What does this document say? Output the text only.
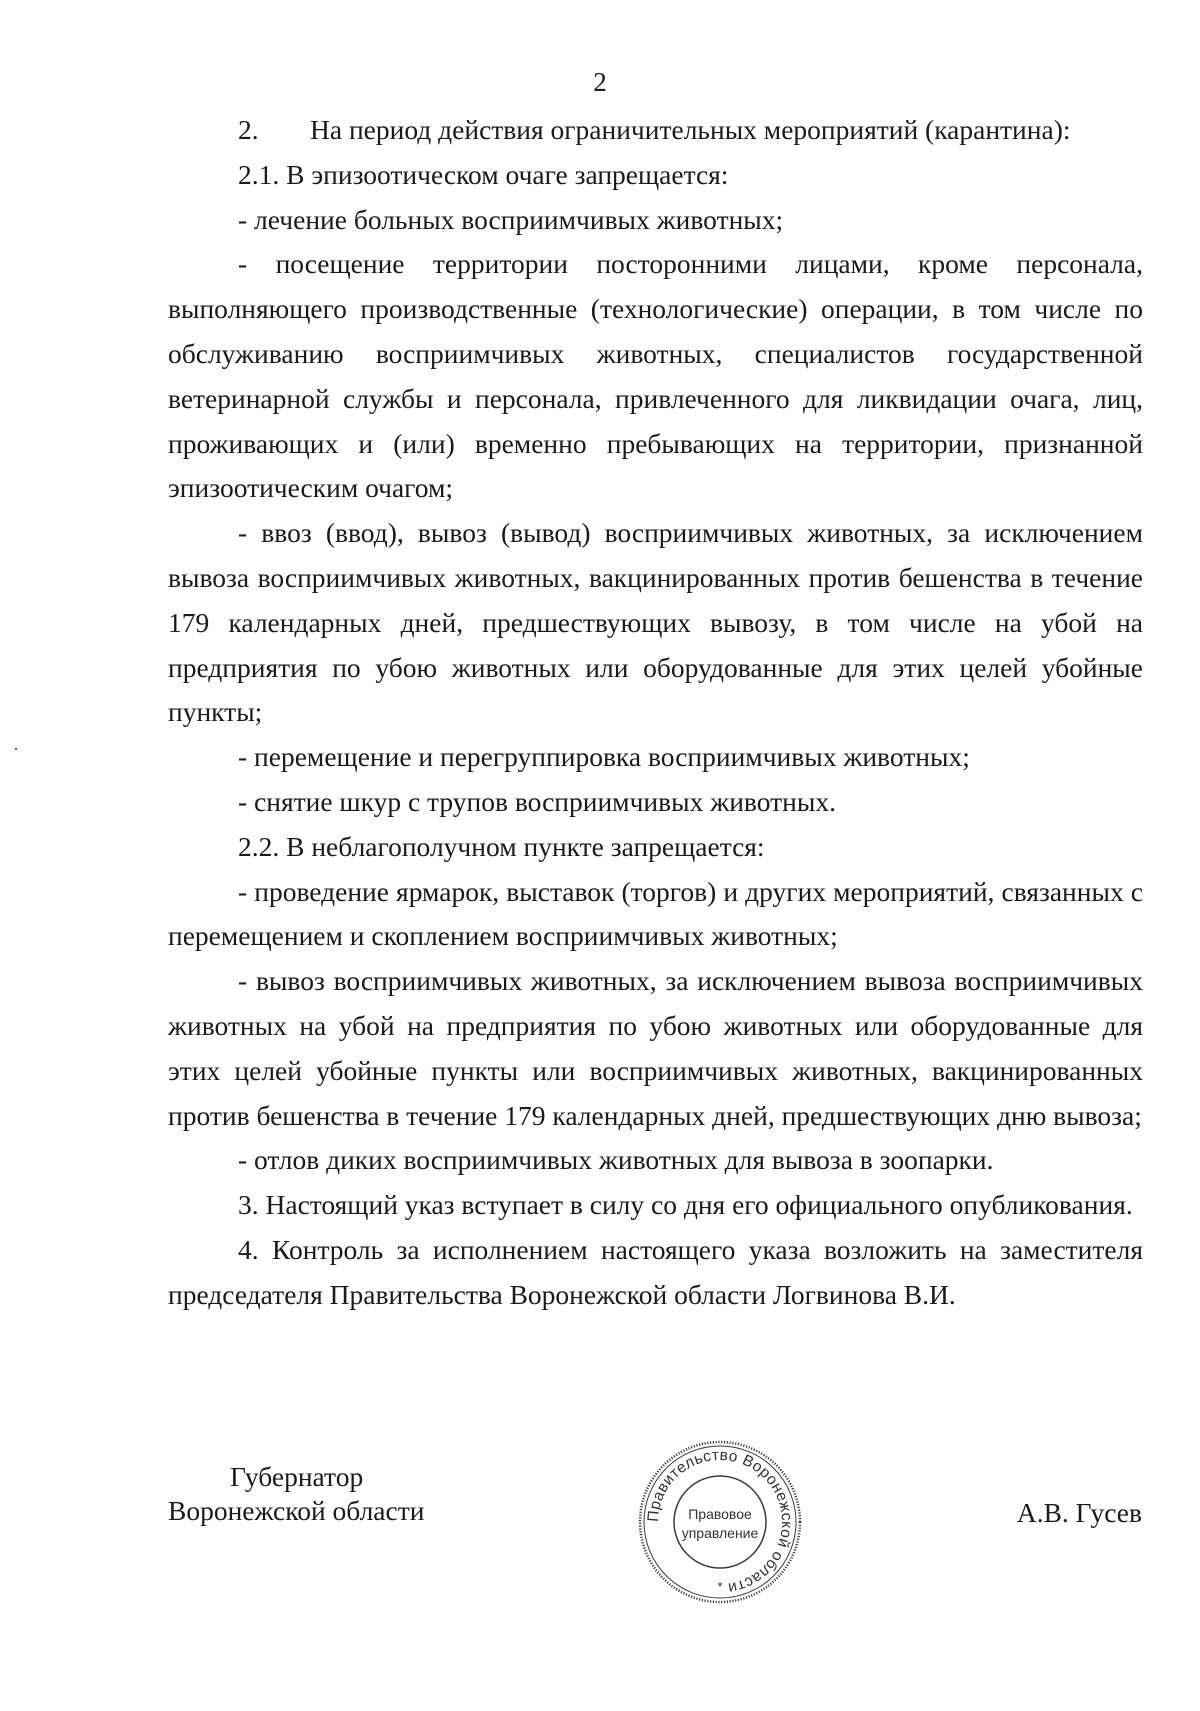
2

2. На период действия ограничительных мероприятий (карантина):

2.1. В эпизоотическом очаге запрещается:

- лечение больных восприимчивых животных;

- посещение территории посторонними лицами, кроме персонала, выполняющего производственные (технологические) операции, в том числе по обслуживанию восприимчивых животных, специалистов государственной ветеринарной службы и персонала, привлеченного для ликвидации очага, лиц, проживающих и (или) временно пребывающих на территории, признанной эпизоотическим очагом;

- ввоз (ввод), вывоз (вывод) восприимчивых животных, за исключением вывоза восприимчивых животных, вакцинированных против бешенства в течение 179 календарных дней, предшествующих вывозу, в том числе на убой на предприятия по убою животных или оборудованные для этих целей убойные пункты;

- перемещение и перегруппировка восприимчивых животных;

- снятие шкур с трупов восприимчивых животных.

2.2. В неблагополучном пункте запрещается:

- проведение ярмарок, выставок (торгов) и других мероприятий, связанных с перемещением и скоплением восприимчивых животных;

- вывоз восприимчивых животных, за исключением вывоза восприимчивых животных на убой на предприятия по убою животных или оборудованные для этих целей убойные пункты или восприимчивых животных, вакцинированных против бешенства в течение 179 календарных дней, предшествующих дню вывоза;

- отлов диких восприимчивых животных для вывоза в зоопарки.

3. Настоящий указ вступает в силу со дня его официального опубликования.

4. Контроль за исполнением настоящего указа возложить на заместителя председателя Правительства Воронежской области Логвинова В.И.

Губернатор
Воронежской области	А.В. Гусев
Правительство Воронежской области
Правовое
управление
*
